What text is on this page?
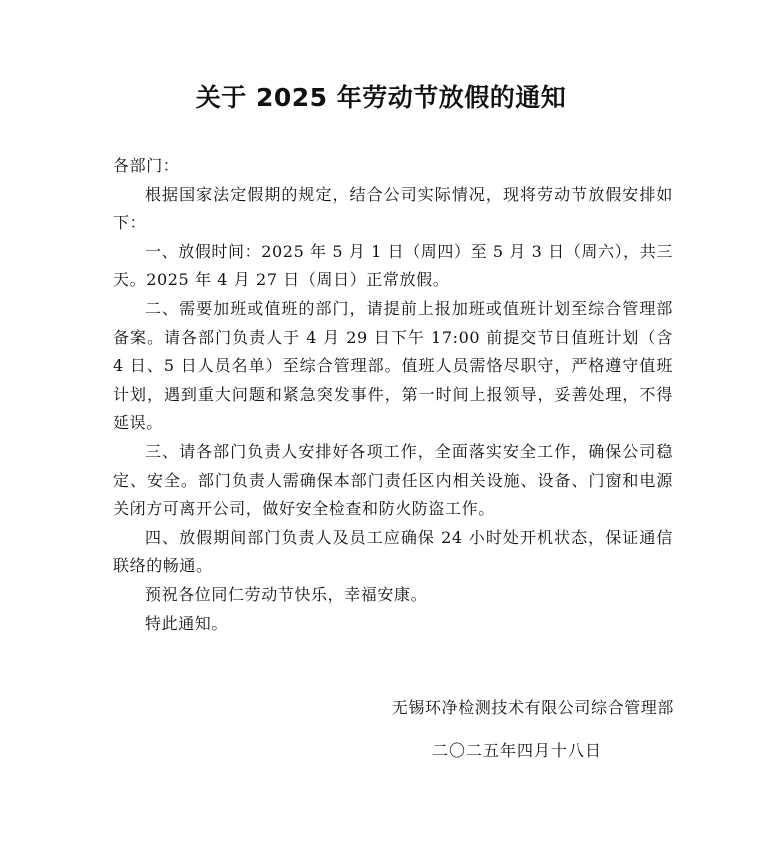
关于 2025 年劳动节放假的通知

各部门：

根据国家法定假期的规定，结合公司实际情况，现将劳动节放假安排如下：

一、放假时间：2025 年 5 月 1 日（周四）至 5 月 3 日（周六），共三天。2025 年 4 月 27 日（周日）正常放假。

二、需要加班或值班的部门，请提前上报加班或值班计划至综合管理部备案。请各部门负责人于 4 月 29 日下午 17:00 前提交节日值班计划（含 4 日、5 日人员名单）至综合管理部。值班人员需恪尽职守，严格遵守值班计划，遇到重大问题和紧急突发事件，第一时间上报领导，妥善处理，不得延误。

三、请各部门负责人安排好各项工作，全面落实安全工作，确保公司稳定、安全。部门负责人需确保本部门责任区内相关设施、设备、门窗和电源关闭方可离开公司，做好安全检查和防火防盗工作。

四、放假期间部门负责人及员工应确保 24 小时处开机状态，保证通信联络的畅通。

预祝各位同仁劳动节快乐，幸福安康。

特此通知。

无锡环净检测技术有限公司综合管理部
二〇二五年四月十八日
